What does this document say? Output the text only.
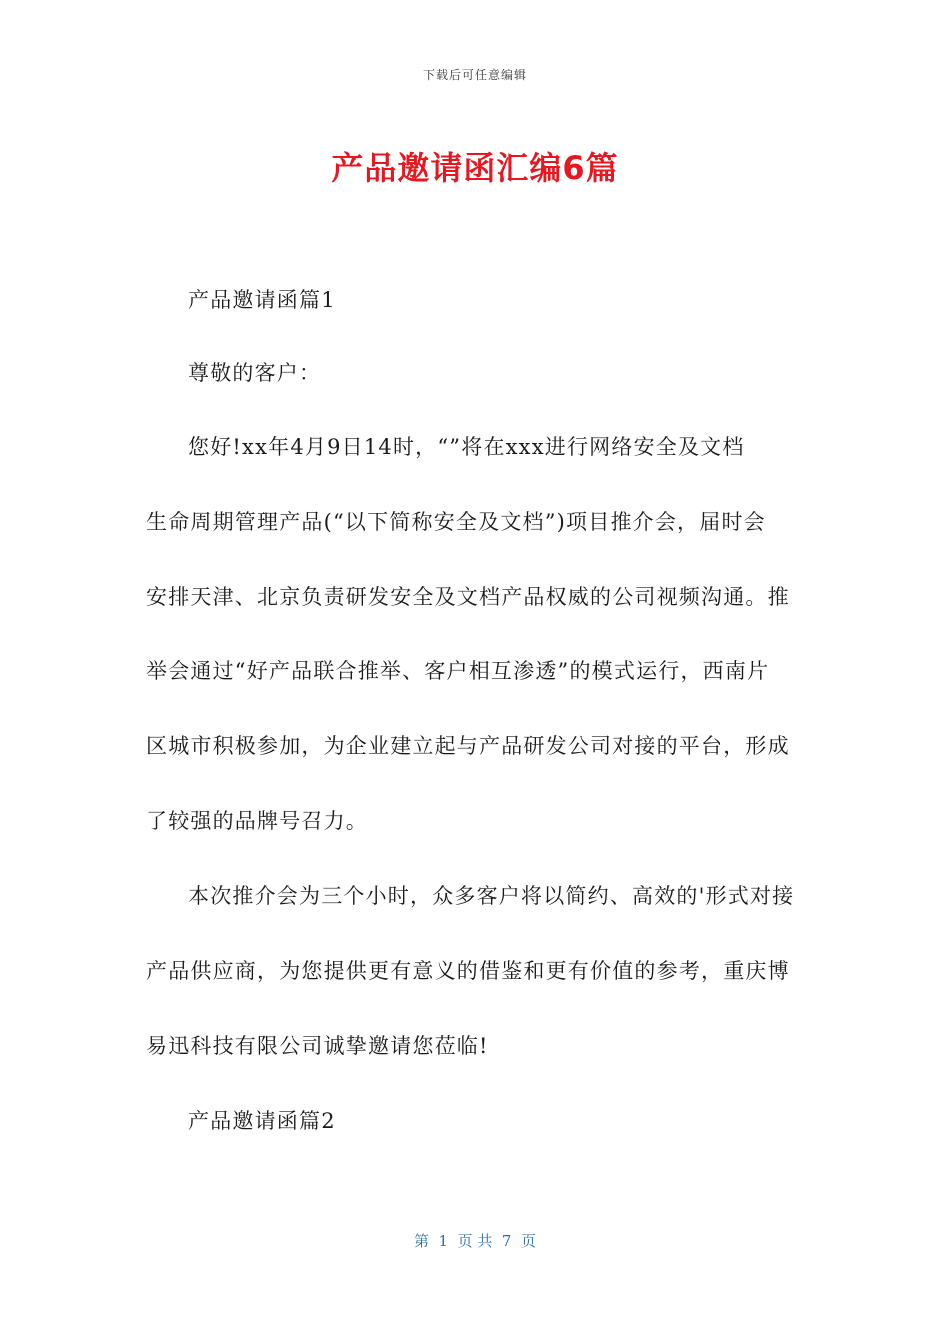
下载后可任意编辑
产品邀请函汇编6篇
产品邀请函篇1
尊敬的客户：
您好!xx年4月9日14时，“”将在xxx进行网络安全及文档
生命周期管理产品(“以下简称安全及文档”)项目推介会，届时会
安排天津、北京负责研发安全及文档产品权威的公司视频沟通。推
举会通过“好产品联合推举、客户相互渗透”的模式运行，西南片
区城市积极参加，为企业建立起与产品研发公司对接的平台，形成
了较强的品牌号召力。
本次推介会为三个小时，众多客户将以简约、高效的'形式对接
产品供应商，为您提供更有意义的借鉴和更有价值的参考，重庆博
易迅科技有限公司诚挚邀请您莅临!
产品邀请函篇2
第  1  页 共  7  页
